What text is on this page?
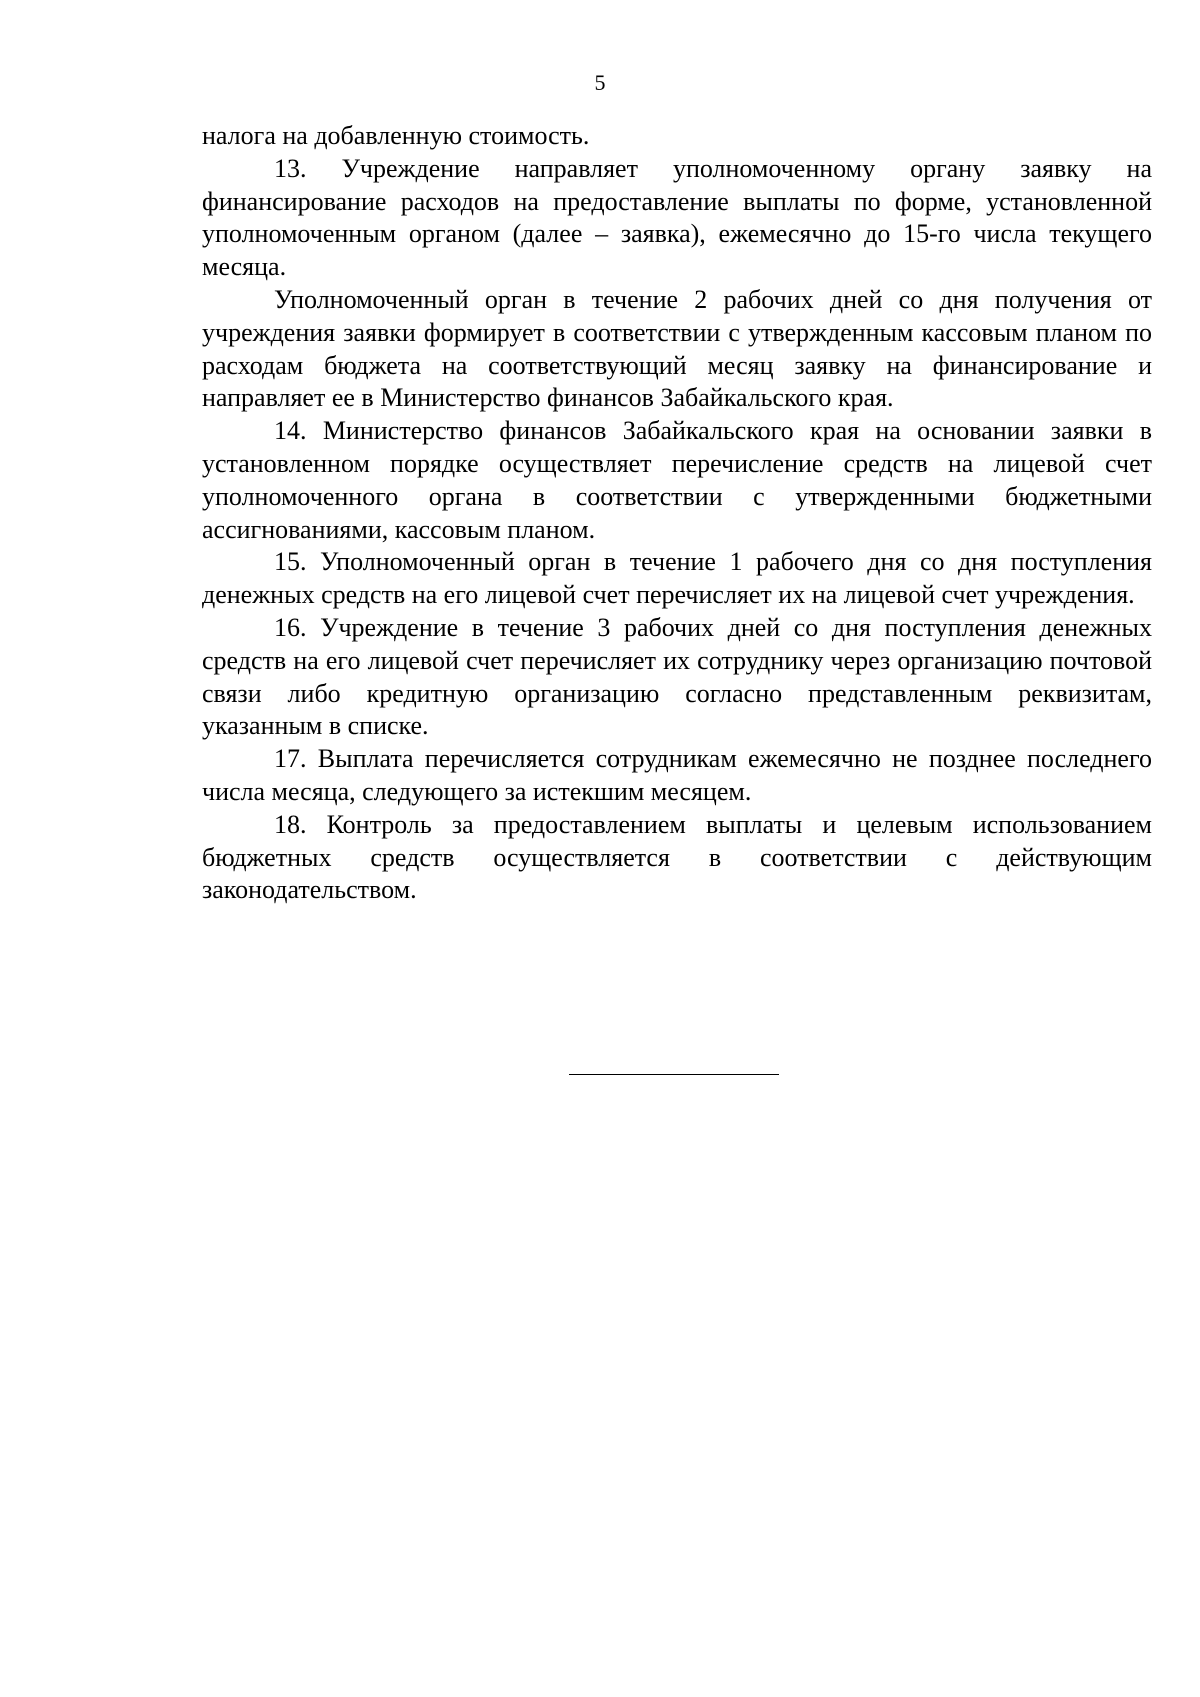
5

налога на добавленную стоимость.

13. Учреждение направляет уполномоченному органу заявку на финансирование расходов на предоставление выплаты по форме, установленной уполномоченным органом (далее – заявка), ежемесячно до 15-го числа текущего месяца.

Уполномоченный орган в течение 2 рабочих дней со дня получения от учреждения заявки формирует в соответствии с утвержденным кассовым планом по расходам бюджета на соответствующий месяц заявку на финансирование и направляет ее в Министерство финансов Забайкальского края.

14. Министерство финансов Забайкальского края на основании заявки в установленном порядке осуществляет перечисление средств на лицевой счет уполномоченного органа в соответствии с утвержденными бюджетными ассигнованиями, кассовым планом.

15. Уполномоченный орган в течение 1 рабочего дня со дня поступления денежных средств на его лицевой счет перечисляет их на лицевой счет учреждения.

16. Учреждение в течение 3 рабочих дней со дня поступления денежных средств на его лицевой счет перечисляет их сотруднику через организацию почтовой связи либо кредитную организацию согласно представленным реквизитам, указанным в списке.

17. Выплата перечисляется сотрудникам ежемесячно не позднее последнего числа месяца, следующего за истекшим месяцем.

18. Контроль за предоставлением выплаты и целевым использованием бюджетных средств осуществляется в соответствии с действующим законодательством.
